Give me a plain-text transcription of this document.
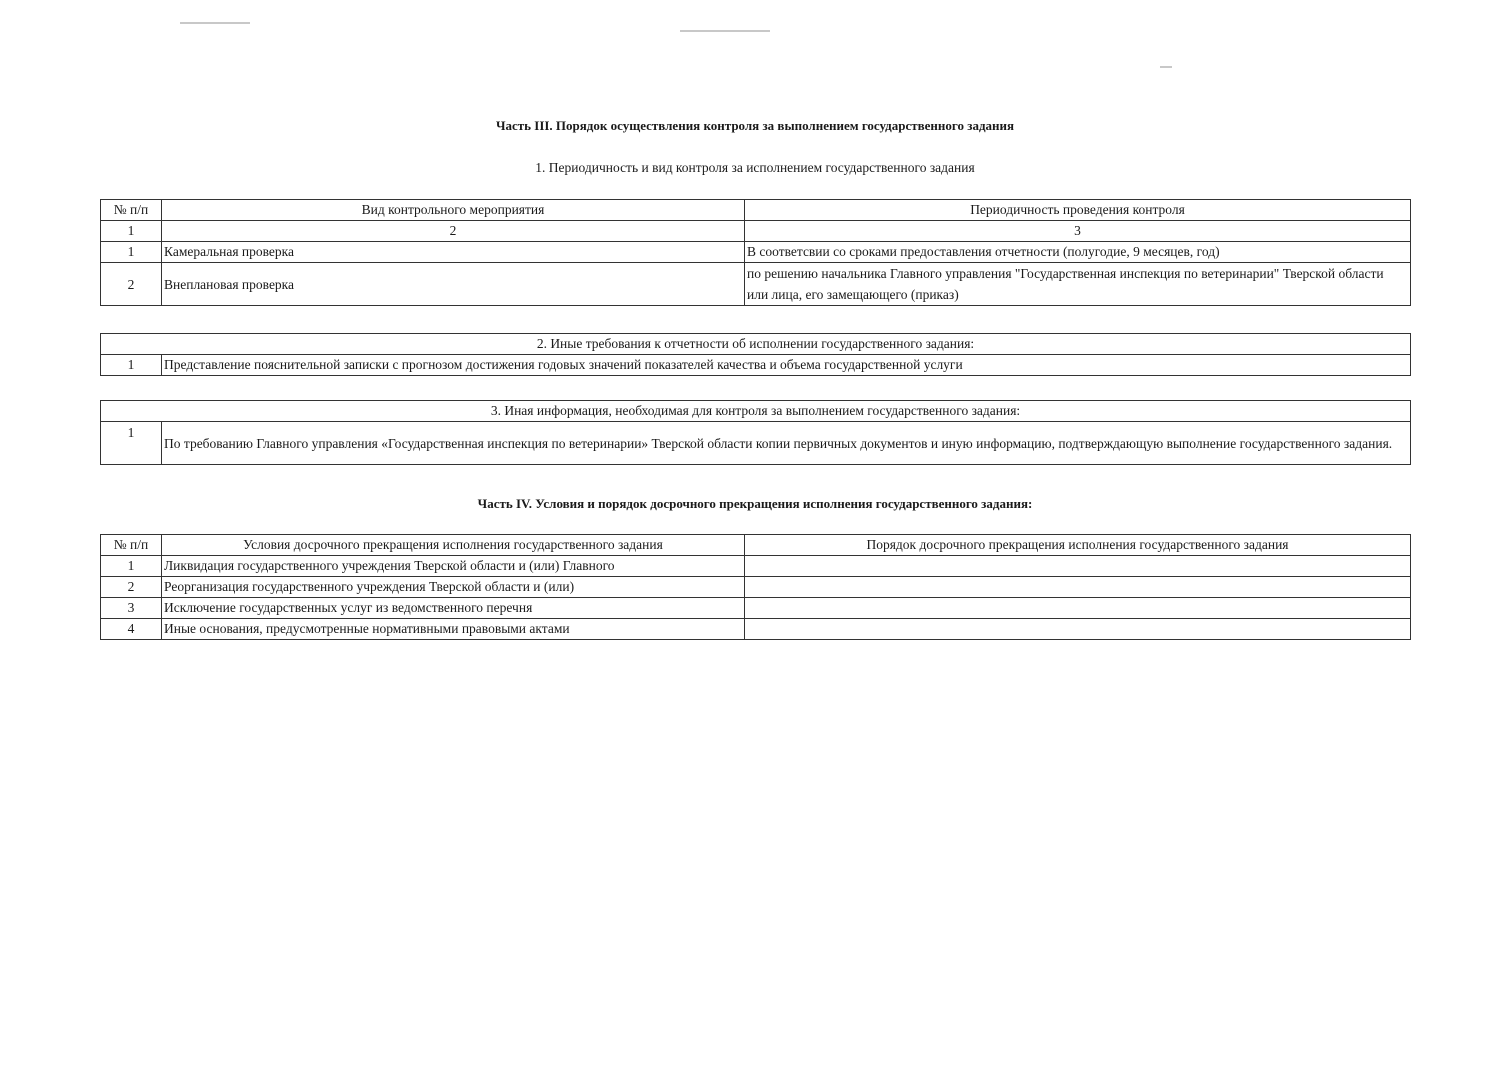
Часть III. Порядок осуществления контроля за выполнением государственного задания
1. Периодичность и вид контроля за исполнением государственного задания
№ п/п	Вид контрольного мероприятия	Периодичность проведения контроля
1	2	3
1	Камеральная проверка	В соответсвии со сроками предоставления отчетности (полугодие, 9 месяцев, год)
2	Внеплановая проверка	по решению начальника Главного управления "Государственная инспекция по ветеринарии" Тверской области или лица, его замещающего (приказ)
2. Иные требования к отчетности об исполнении государственного задания:
1	Представление пояснительной записки с прогнозом достижения годовых значений показателей качества и объема государственной услуги
3. Иная информация, необходимая для контроля за выполнением государственного задания:
1	По требованию Главного управления «Государственная инспекция по ветеринарии» Тверской области копии первичных документов и иную информацию, подтверждающую выполнение государственного задания.
Часть IV. Условия и порядок досрочного прекращения исполнения государственного задания:
№ п/п	Условия досрочного прекращения исполнения государственного задания	Порядок досрочного прекращения исполнения государственного задания
1	Ликвидация государственного учреждения Тверской области и (или) Главного	
2	Реорганизация государственного учреждения Тверской области и (или)	
3	Исключение государственных услуг из ведомственного перечня	
4	Иные основания, предусмотренные нормативными правовыми актами	
